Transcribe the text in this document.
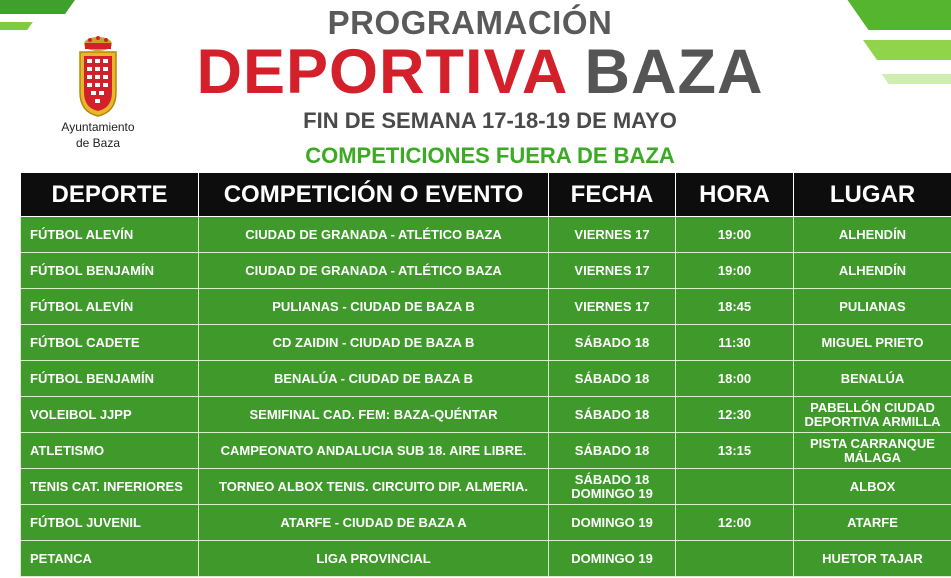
Ayuntamiento
de Baza
PROGRAMACIÓN
DEPORTIVA BAZA
FIN DE SEMANA 17-18-19 DE MAYO
COMPETICIONES FUERA DE BAZA
DEPORTE	COMPETICIÓN O EVENTO	FECHA	HORA	LUGAR
FÚTBOL ALEVÍN	CIUDAD DE GRANADA - ATLÉTICO BAZA	VIERNES 17	19:00	ALHENDÍN
FÚTBOL BENJAMÍN	CIUDAD DE GRANADA - ATLÉTICO BAZA	VIERNES 17	19:00	ALHENDÍN
FÚTBOL ALEVÍN	PULIANAS - CIUDAD DE BAZA B	VIERNES 17	18:45	PULIANAS
FÚTBOL CADETE	CD ZAIDIN - CIUDAD DE BAZA B	SÁBADO 18	11:30	MIGUEL PRIETO
FÚTBOL BENJAMÍN	BENALÚA - CIUDAD DE BAZA B	SÁBADO 18	18:00	BENALÚA
VOLEIBOL JJPP	SEMIFINAL CAD. FEM: BAZA-QUÉNTAR	SÁBADO 18	12:30	PABELLÓN CIUDAD
DEPORTIVA ARMILLA

ATLETISMO	CAMPEONATO ANDALUCIA SUB 18. AIRE LIBRE.	SÁBADO 18	13:15	PISTA CARRANQUE
MÁLAGA

TENIS CAT. INFERIORES	TORNEO ALBOX TENIS. CIRCUITO DIP. ALMERIA.	SÁBADO 18
DOMINGO 19		ALBOX
FÚTBOL JUVENIL	ATARFE - CIUDAD DE BAZA A	DOMINGO 19	12:00	ATARFE
PETANCA	LIGA PROVINCIAL	DOMINGO 19		HUETOR TAJAR
